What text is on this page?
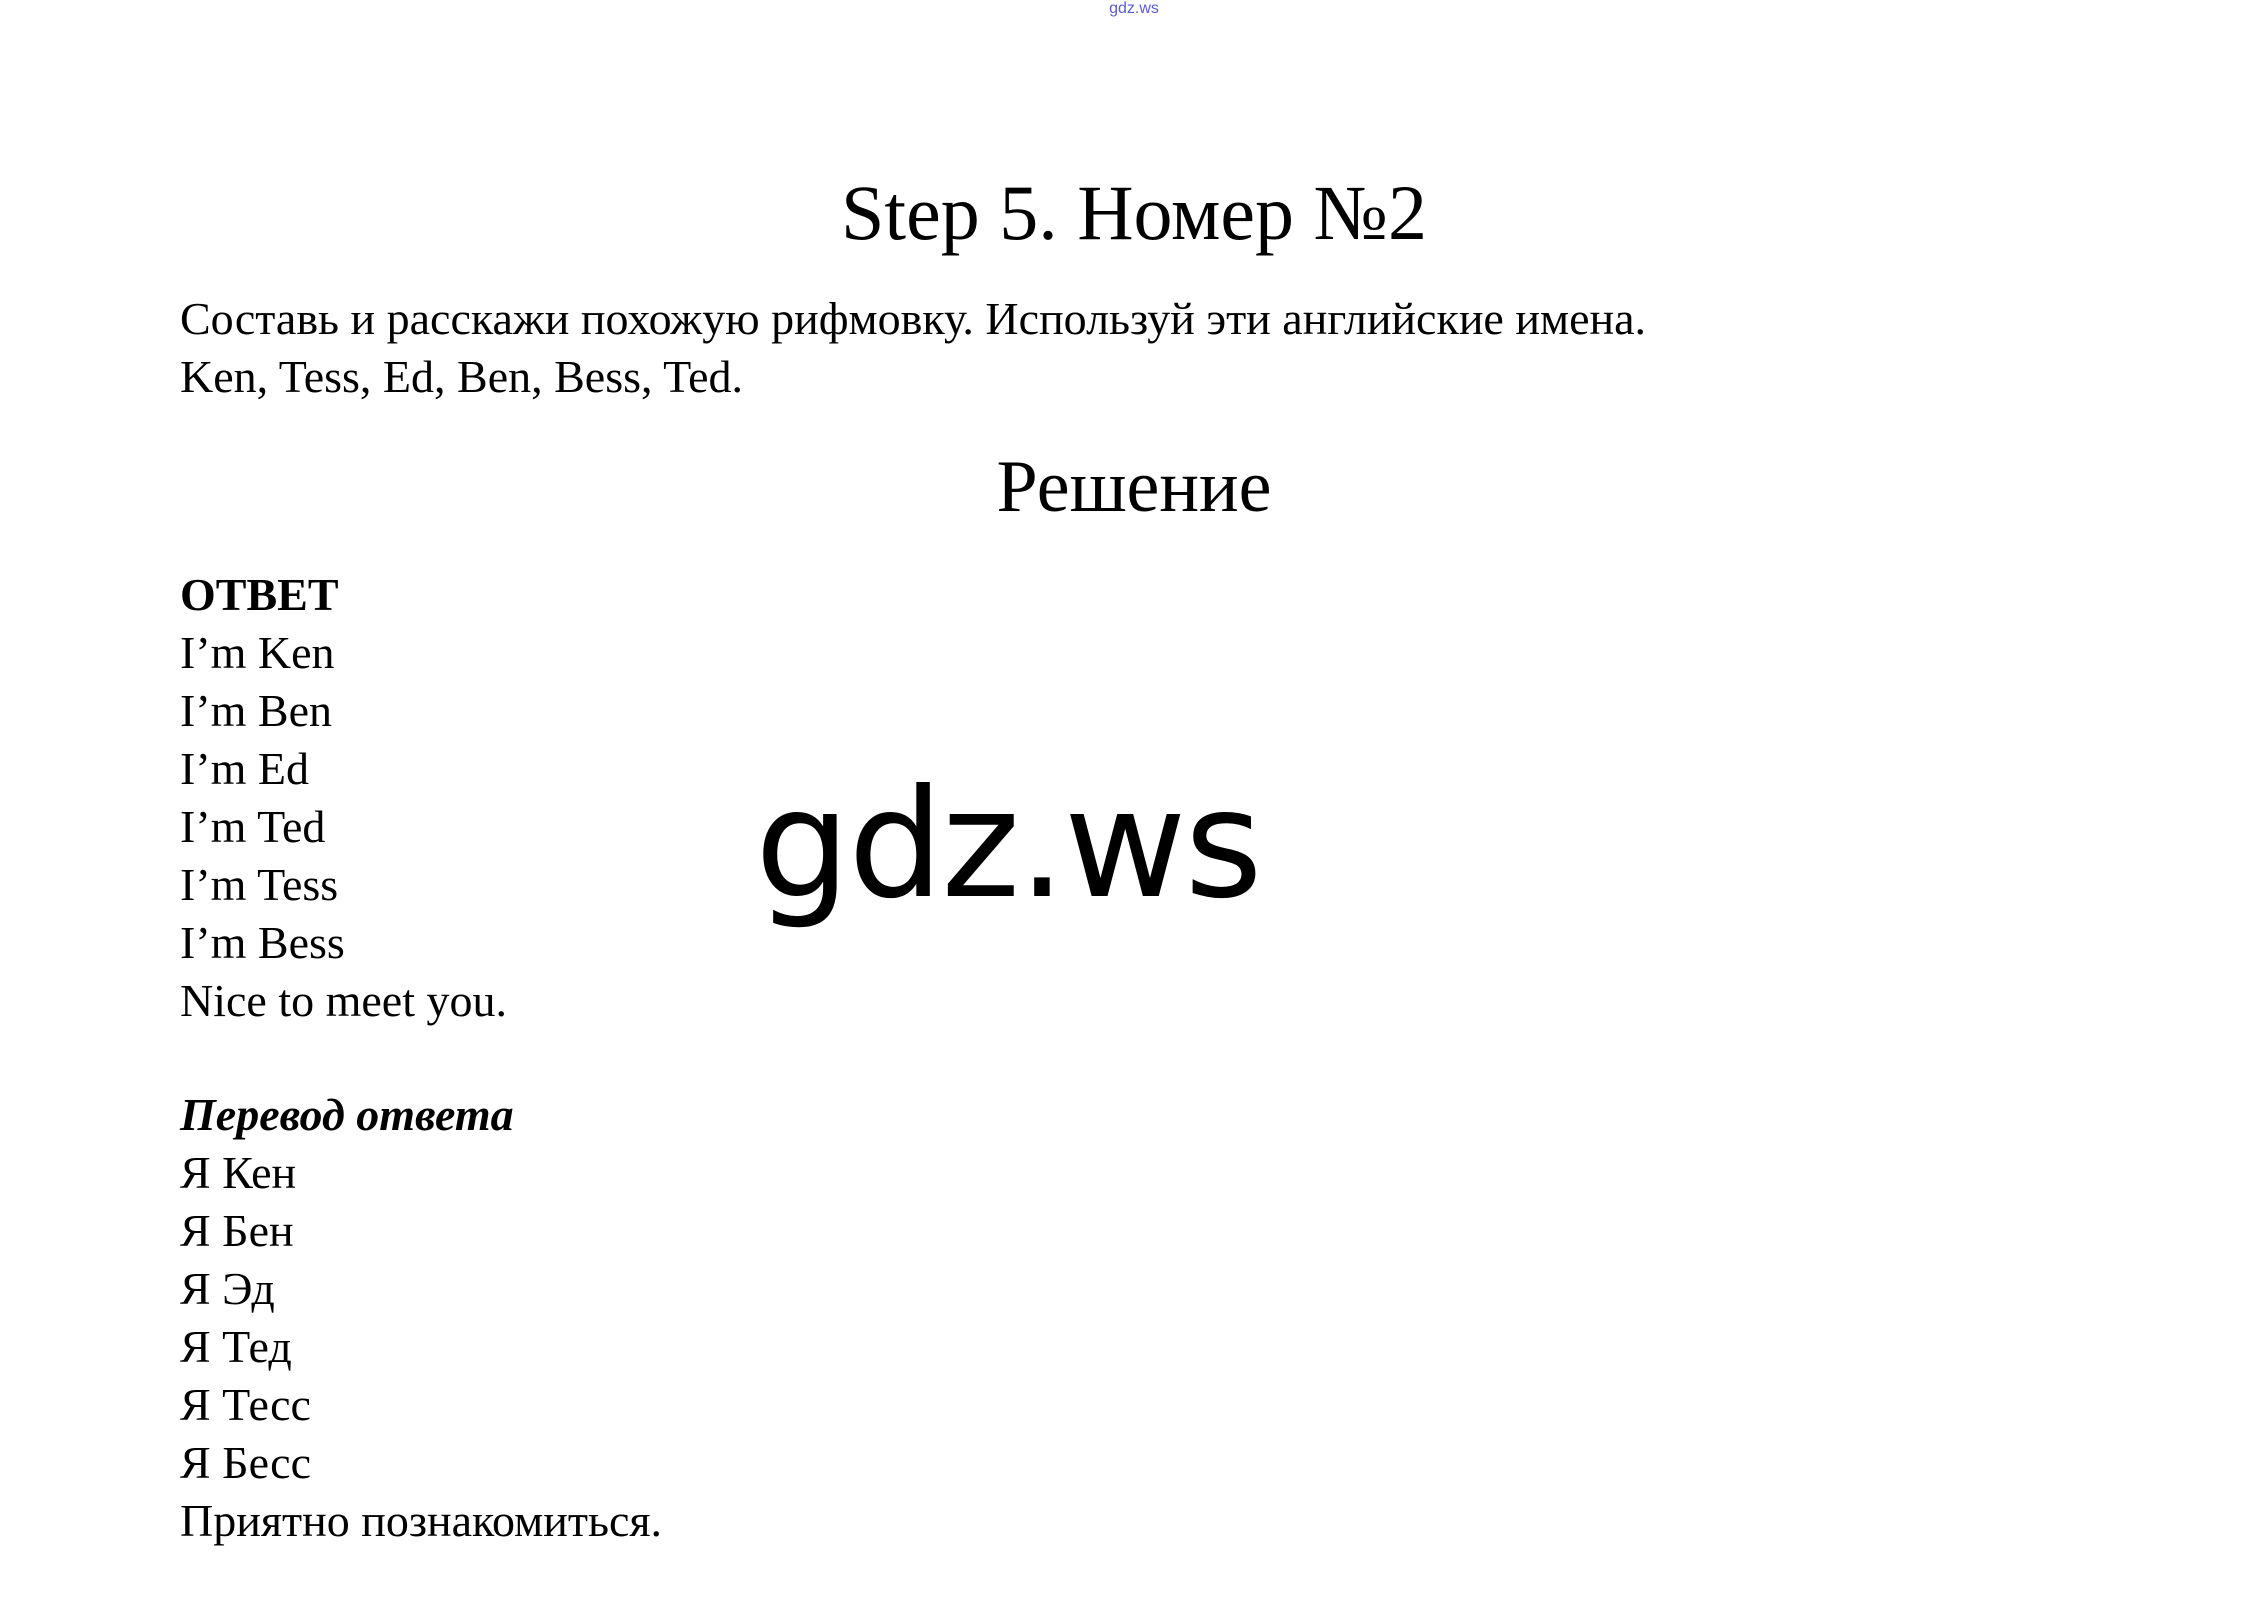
gdz.ws
Step 5. Номер №2
Составь и расскажи похожую рифмовку. Используй эти английские имена.
Ken, Tess, Ed, Ben, Bess, Ted.
Решение
ОТВЕТ
I’m Ken
I’m Ben
I’m Ed
I’m Ted
I’m Tess
I’m Bess
Nice to meet you.
Перевод ответа
Я Кен
Я Бен
Я Эд
Я Тед
Я Тесс
Я Бесс
Приятно познакомиться.
gdz.ws
